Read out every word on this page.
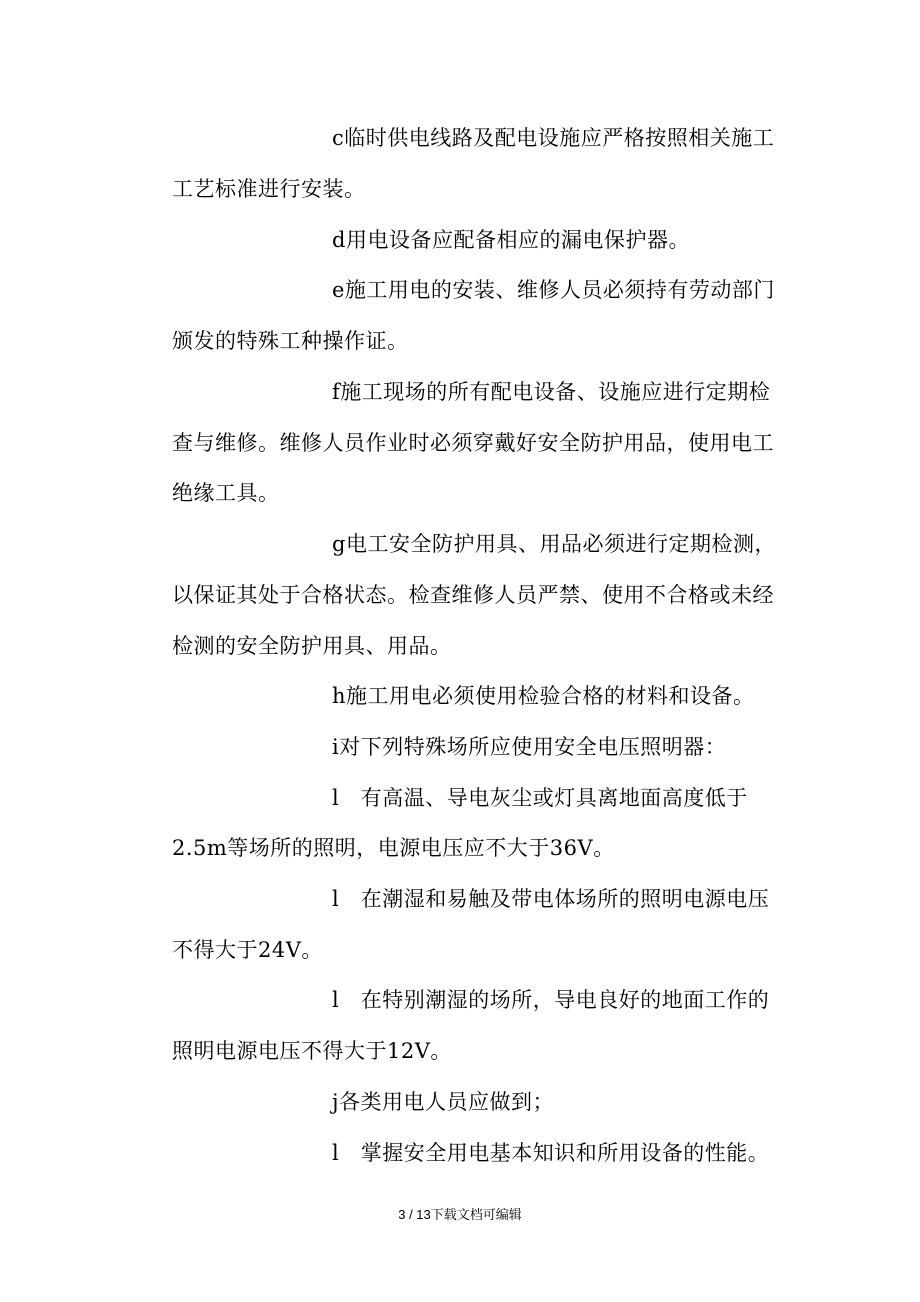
c临时供电线路及配电设施应严格按照相关施工
工艺标准进行安装。
d用电设备应配备相应的漏电保护器。
e施工用电的安装、维修人员必须持有劳动部门
颁发的特殊工种操作证。
f施工现场的所有配电设备、设施应进行定期检
查与维修。维修人员作业时必须穿戴好安全防护用品，使用电工
绝缘工具。
g电工安全防护用具、用品必须进行定期检测，
以保证其处于合格状态。检查维修人员严禁、使用不合格或未经
检测的安全防护用具、用品。
h施工用电必须使用检验合格的材料和设备。
i对下列特殊场所应使用安全电压照明器：
l　有高温、导电灰尘或灯具离地面高度低于
2.5m等场所的照明，电源电压应不大于36V。
l　在潮湿和易触及带电体场所的照明电源电压
不得大于24V。
l　在特别潮湿的场所，导电良好的地面工作的
照明电源电压不得大于12V。
j各类用电人员应做到；
l　掌握安全用电基本知识和所用设备的性能。
3 / 13下载文档可编辑
